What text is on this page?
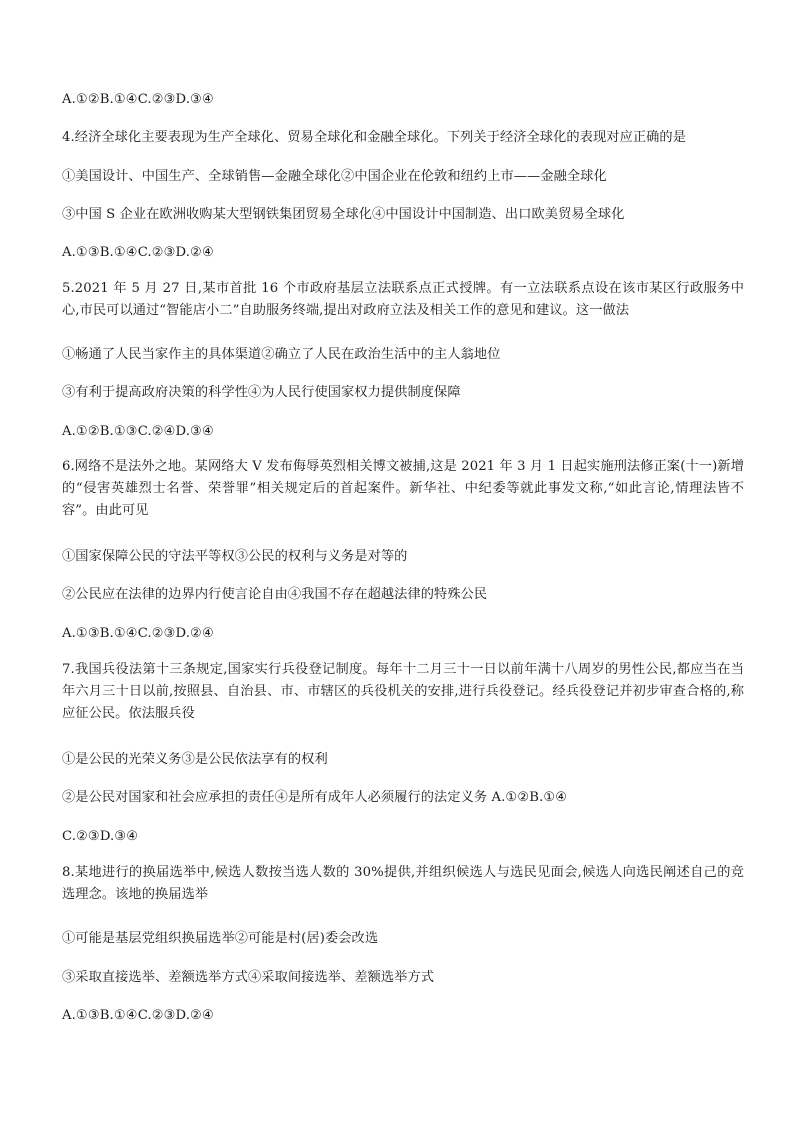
A.①②B.①④C.②③D.③④
4.经济全球化主要表现为生产全球化、贸易全球化和金融全球化。下列关于经济全球化的表现对应正确的是
①美国设计、中国生产、全球销售—金融全球化②中国企业在伦敦和纽约上市——金融全球化
③中国 S 企业在欧洲收购某大型钢铁集团贸易全球化④中国设计中国制造、出口欧美贸易全球化
A.①③B.①④C.②③D.②④
5.2021 年 5 月 27 日,某市首批 16 个市政府基层立法联系点正式授牌。有一立法联系点设在该市某区行政服务中心,市民可以通过“智能店小二”自助服务终端,提出对政府立法及相关工作的意见和建议。这一做法
①畅通了人民当家作主的具体渠道②确立了人民在政治生活中的主人翁地位
③有利于提高政府决策的科学性④为人民行使国家权力提供制度保障
A.①②B.①③C.②④D.③④
6.网络不是法外之地。某网络大 V 发布侮辱英烈相关博文被捕,这是 2021 年 3 月 1 日起实施刑法修正案(十一)新增的“侵害英雄烈士名誉、荣誉罪”相关规定后的首起案件。新华社、中纪委等就此事发文称,“如此言论,情理法皆不容”。由此可见
①国家保障公民的守法平等权③公民的权利与义务是对等的
②公民应在法律的边界内行使言论自由④我国不存在超越法律的特殊公民
A.①③B.①④C.②③D.②④
7.我国兵役法第十三条规定,国家实行兵役登记制度。每年十二月三十一日以前年满十八周岁的男性公民,都应当在当年六月三十日以前,按照县、自治县、市、市辖区的兵役机关的安排,进行兵役登记。经兵役登记并初步审查合格的,称应征公民。依法服兵役
①是公民的光荣义务③是公民依法享有的权利
②是公民对国家和社会应承担的责任④是所有成年人必须履行的法定义务 A.①②B.①④
C.②③D.③④
8.某地进行的换届选举中,候选人数按当选人数的 30%提供,并组织候选人与选民见面会,候选人向选民阐述自己的竞选理念。该地的换届选举
①可能是基层党组织换届选举②可能是村(居)委会改选
③采取直接选举、差额选举方式④采取间接选举、差额选举方式
A.①③B.①④C.②③D.②④
